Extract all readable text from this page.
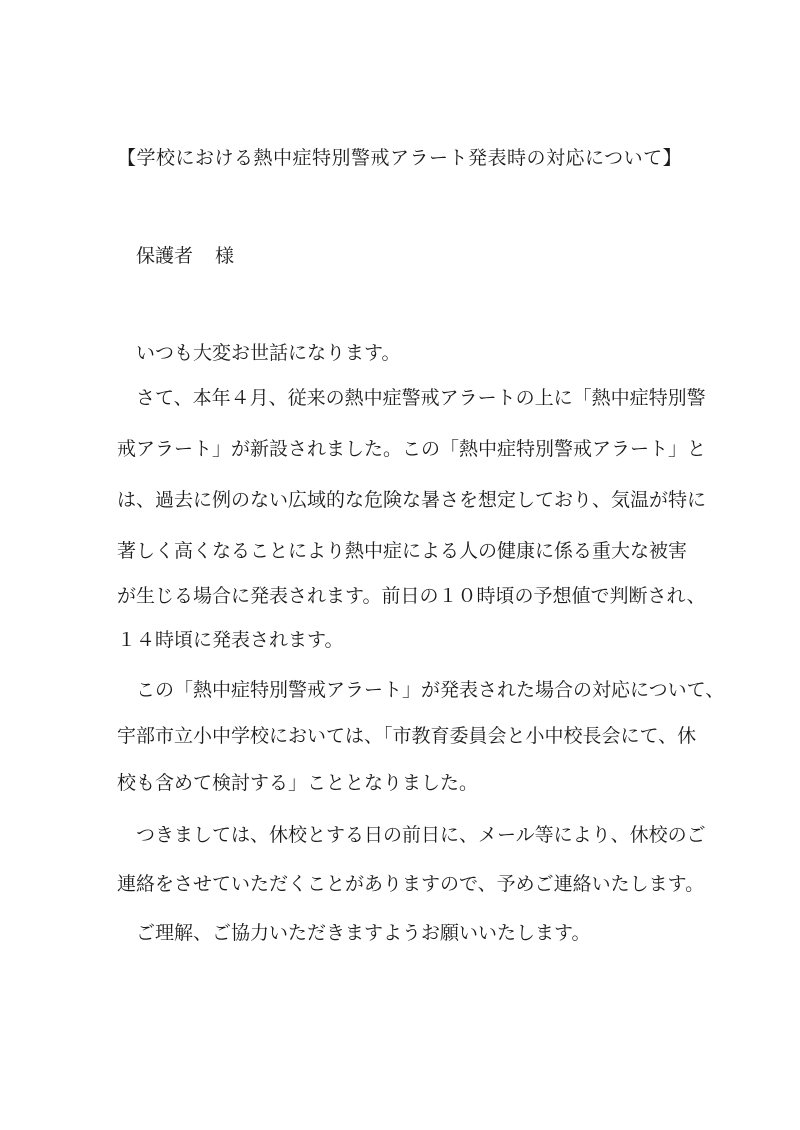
【学校における熱中症特別警戒アラート発表時の対応について】
保護者 様
いつも大変お世話になります。
さて、本年４月、従来の熱中症警戒アラートの上に「熱中症特別警
戒アラート」が新設されました。この「熱中症特別警戒アラート」と
は、過去に例のない広域的な危険な暑さを想定しており、気温が特に
著しく高くなることにより熱中症による人の健康に係る重大な被害
が生じる場合に発表されます。前日の１０時頃の予想値で判断され、
１４時頃に発表されます。
この「熱中症特別警戒アラート」が発表された場合の対応について、
宇部市立小中学校においては、「市教育委員会と小中校長会にて、休
校も含めて検討する」こととなりました。
つきましては、休校とする日の前日に、メール等により、休校のご
連絡をさせていただくことがありますので、予めご連絡いたします。
ご理解、ご協力いただきますようお願いいたします。
